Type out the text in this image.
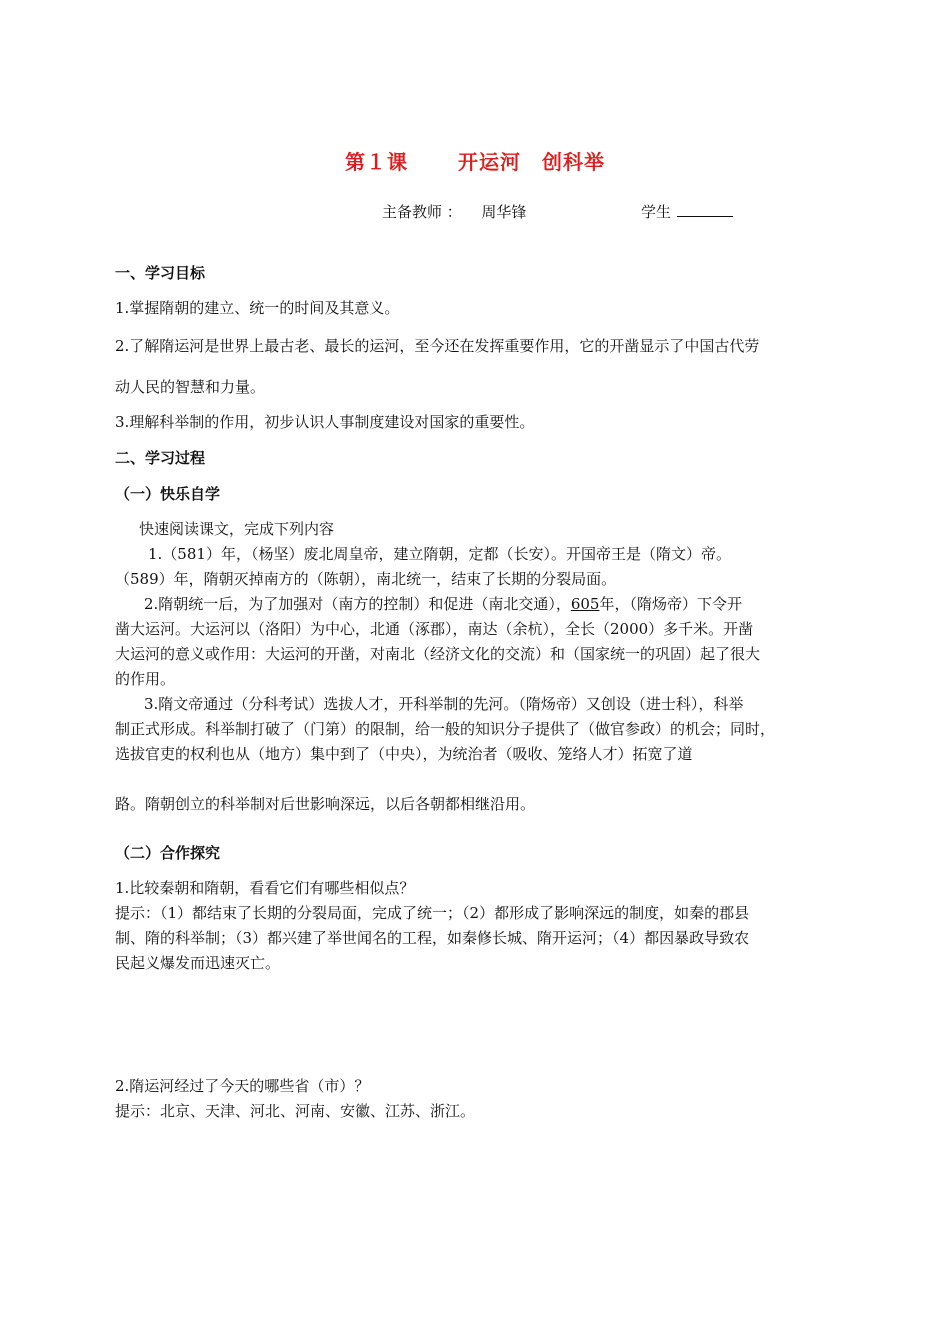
第１课 开运河　创科举
主备教师 ： 周华锋	学生
一、学习目标
1.掌握隋朝的建立、统一的时间及其意义。
2.了解隋运河是世界上最古老、最长的运河，至今还在发挥重要作用，它的开凿显示了中国古代劳
动人民的智慧和力量。
3.理解科举制的作用，初步认识人事制度建设对国家的重要性。
二、学习过程
（一）快乐自学
快速阅读课文，完成下列内容
1.（581）年，（杨坚）废北周皇帝，建立隋朝，定都（长安）。开国帝王是（隋文）帝。
（589）年，隋朝灭掉南方的（陈朝），南北统一，结束了长期的分裂局面。
2.隋朝统一后，为了加强对（南方的控制）和促进（南北交通），605年，（隋炀帝）下令开
凿大运河。大运河以（洛阳）为中心，北通（涿郡），南达（余杭），全长（2000）多千米。开凿
大运河的意义或作用：大运河的开凿，对南北（经济文化的交流）和（国家统一的巩固）起了很大
的作用。
3.隋文帝通过（分科考试）选拔人才，开科举制的先河。（隋炀帝）又创设（进士科），科举
制正式形成。科举制打破了（门第）的限制，给一般的知识分子提供了（做官参政）的机会；同时，
选拔官吏的权利也从（地方）集中到了（中央），为统治者（吸收、笼络人才）拓宽了道
路。隋朝创立的科举制对后世影响深远，以后各朝都相继沿用。
（二）合作探究
1.比较秦朝和隋朝，看看它们有哪些相似点？
提示：（1）都结束了长期的分裂局面，完成了统一；（2）都形成了影响深远的制度，如秦的郡县
制、隋的科举制；（3）都兴建了举世闻名的工程，如秦修长城、隋开运河；（4）都因暴政导致农
民起义爆发而迅速灭亡。
2.隋运河经过了今天的哪些省（市）？
提示：北京、天津、河北、河南、安徽、江苏、浙江。
